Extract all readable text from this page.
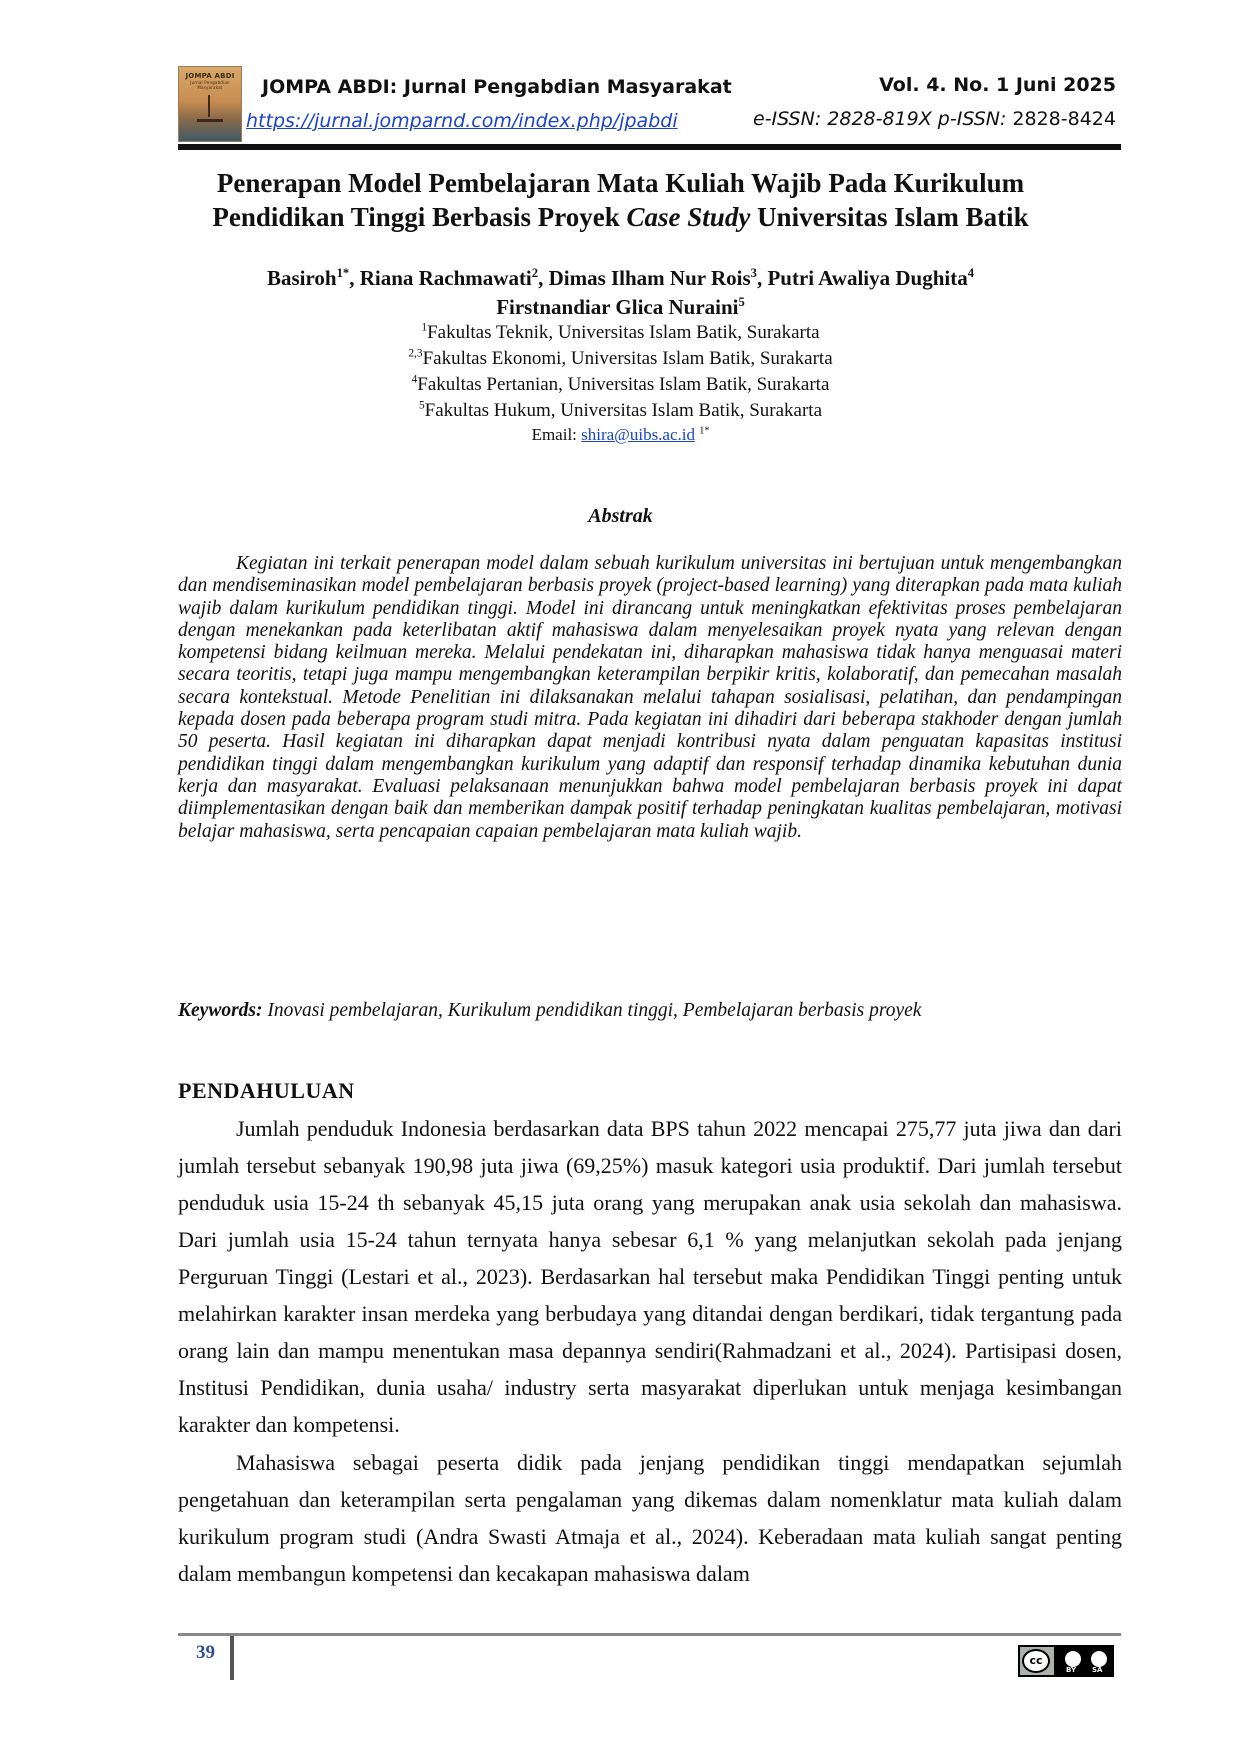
JOMPA ABDI
Jurnal Pengabdian Masyarakat	JOMPA ABDI: Jurnal Pengabdian Masyarakat
https://jurnal.jomparnd.com/index.php/jpabdi
Vol. 4. No. 1 Juni 2025
e-ISSN: 2828-819X p-ISSN: 2828-8424
Penerapan Model Pembelajaran Mata Kuliah Wajib Pada Kurikulum
Pendidikan Tinggi Berbasis Proyek Case Study Universitas Islam Batik
Basiroh$^{1*}$, Riana Rachmawati$^2$, Dimas Ilham Nur Rois$^3$, Putri Awaliya Dughita$^4$
Firstnandiar Glica Nuraini$^5$
$^1$Fakultas Teknik, Universitas Islam Batik, Surakarta
$^{2,3}$Fakultas Ekonomi, Universitas Islam Batik, Surakarta
$^4$Fakultas Pertanian, Universitas Islam Batik, Surakarta
$^5$Fakultas Hukum, Universitas Islam Batik, Surakarta
Email: shira@uibs.ac.id $^{1*}$
Abstrak
Kegiatan ini terkait penerapan model dalam sebuah kurikulum universitas ini bertujuan untuk mengembangkan dan mendiseminasikan model pembelajaran berbasis proyek (project-based learning) yang diterapkan pada mata kuliah wajib dalam kurikulum pendidikan tinggi. Model ini dirancang untuk meningkatkan efektivitas proses pembelajaran dengan menekankan pada keterlibatan aktif mahasiswa dalam menyelesaikan proyek nyata yang relevan dengan kompetensi bidang keilmuan mereka. Melalui pendekatan ini, diharapkan mahasiswa tidak hanya menguasai materi secara teoritis, tetapi juga mampu mengembangkan keterampilan berpikir kritis, kolaboratif, dan pemecahan masalah secara kontekstual. Metode Penelitian ini dilaksanakan melalui tahapan sosialisasi, pelatihan, dan pendampingan kepada dosen pada beberapa program studi mitra. Pada kegiatan ini dihadiri dari beberapa stakhoder dengan jumlah 50 peserta. Hasil kegiatan ini diharapkan dapat menjadi kontribusi nyata dalam penguatan kapasitas institusi pendidikan tinggi dalam mengembangkan kurikulum yang adaptif dan responsif terhadap dinamika kebutuhan dunia kerja dan masyarakat. Evaluasi pelaksanaan menunjukkan bahwa model pembelajaran berbasis proyek ini dapat diimplementasikan dengan baik dan memberikan dampak positif terhadap peningkatan kualitas pembelajaran, motivasi belajar mahasiswa, serta pencapaian capaian pembelajaran mata kuliah wajib.
Keywords: Inovasi pembelajaran, Kurikulum pendidikan tinggi, Pembelajaran berbasis proyek
PENDAHULUAN

Jumlah penduduk Indonesia berdasarkan data BPS tahun 2022 mencapai 275,77 juta jiwa dan dari jumlah tersebut sebanyak 190,98 juta jiwa (69,25%) masuk kategori usia produktif. Dari jumlah tersebut penduduk usia 15-24 th sebanyak 45,15 juta orang yang merupakan anak usia sekolah dan mahasiswa. Dari jumlah usia 15-24 tahun ternyata hanya sebesar 6,1 % yang melanjutkan sekolah pada jenjang Perguruan Tinggi (Lestari et al., 2023). Berdasarkan hal tersebut maka Pendidikan Tinggi penting untuk melahirkan karakter insan merdeka yang berbudaya yang ditandai dengan berdikari, tidak tergantung pada orang lain dan mampu menentukan masa depannya sendiri(Rahmadzani et al., 2024). Partisipasi dosen, Institusi Pendidikan, dunia usaha/ industry serta masyarakat diperlukan untuk menjaga kesimbangan karakter dan kompetensi.

Mahasiswa sebagai peserta didik pada jenjang pendidikan tinggi mendapatkan sejumlah pengetahuan dan keterampilan serta pengalaman yang dikemas dalam nomenklatur mata kuliah dalam kurikulum program studi (Andra Swasti Atmaja et al., 2024). Keberadaan mata kuliah sangat penting dalam membangun kompetensi dan kecakapan mahasiswa dalam

39	cc
BY SA
